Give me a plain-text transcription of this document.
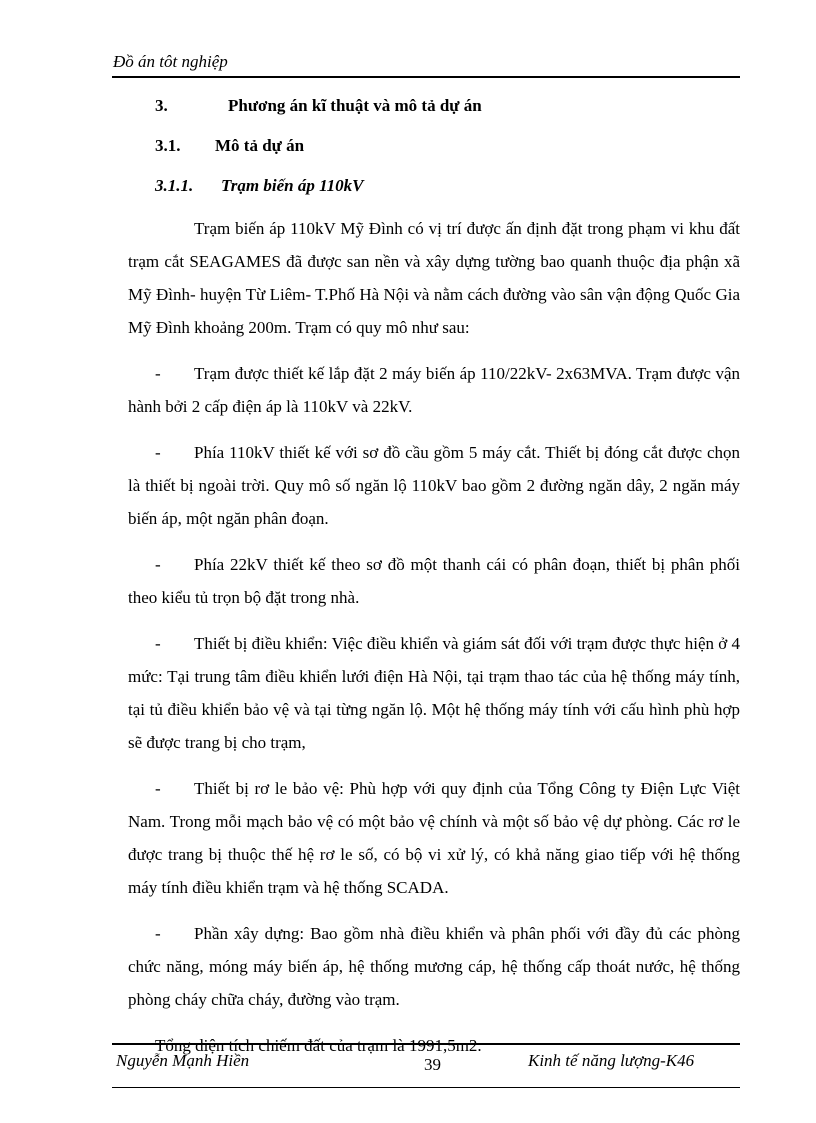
Đồ án tôt nghiệp
3.	Phương án kĩ thuật và mô tả dự án
3.1. Mô tả dự án
3.1.1. Trạm biến áp 110kV

Trạm biến áp 110kV Mỹ Đình có vị trí được ấn định đặt trong phạm vi khu đất trạm cắt SEAGAMES đã được san nền và xây dựng tường bao quanh thuộc địa phận xã Mỹ Đình- huyện Từ Liêm- T.Phố Hà Nội và nằm cách đường vào sân vận động Quốc Gia Mỹ Đình khoảng 200m. Trạm có quy mô như sau:

- Trạm được thiết kế lắp đặt 2 máy biến áp 110/22kV- 2x63MVA. Trạm được vận hành bởi 2 cấp điện áp là 110kV và 22kV.

- Phía 110kV thiết kế với sơ đồ cầu gồm 5 máy cắt. Thiết bị đóng cắt được chọn là thiết bị ngoài trời. Quy mô số ngăn lộ 110kV bao gồm 2 đường ngăn dây, 2 ngăn máy biến áp, một ngăn phân đoạn.

- Phía 22kV thiết kế theo sơ đồ một thanh cái có phân đoạn, thiết bị phân phối theo kiểu tủ trọn bộ đặt trong nhà.

- Thiết bị điều khiển: Việc điều khiển và giám sát đối với trạm được thực hiện ở 4 mức: Tại trung tâm điều khiển lưới điện Hà Nội, tại trạm thao tác của hệ thống máy tính, tại tủ điều khiển bảo vệ và tại từng ngăn lộ. Một hệ thống máy tính với cấu hình phù hợp sẽ được trang bị cho trạm,

- Thiết bị rơ le bảo vệ: Phù hợp với quy định của Tổng Công ty Điện Lực Việt Nam. Trong mỗi mạch bảo vệ có một bảo vệ chính và một số bảo vệ dự phòng. Các rơ le được trang bị thuộc thế hệ rơ le số, có bộ vi xử lý, có khả năng giao tiếp với hệ thống máy tính điều khiển trạm và hệ thống SCADA.

- Phần xây dựng: Bao gồm nhà điều khiển và phân phối với đầy đủ các phòng chức năng, móng máy biến áp, hệ thống mương cáp, hệ thống cấp thoát nước, hệ thống phòng cháy chữa cháy, đường vào trạm.

Tổng diện tích chiếm đất của trạm là 1991,5m2.

Nguyễn Mạnh Hiền	39	Kinh tế năng lượng-K46
